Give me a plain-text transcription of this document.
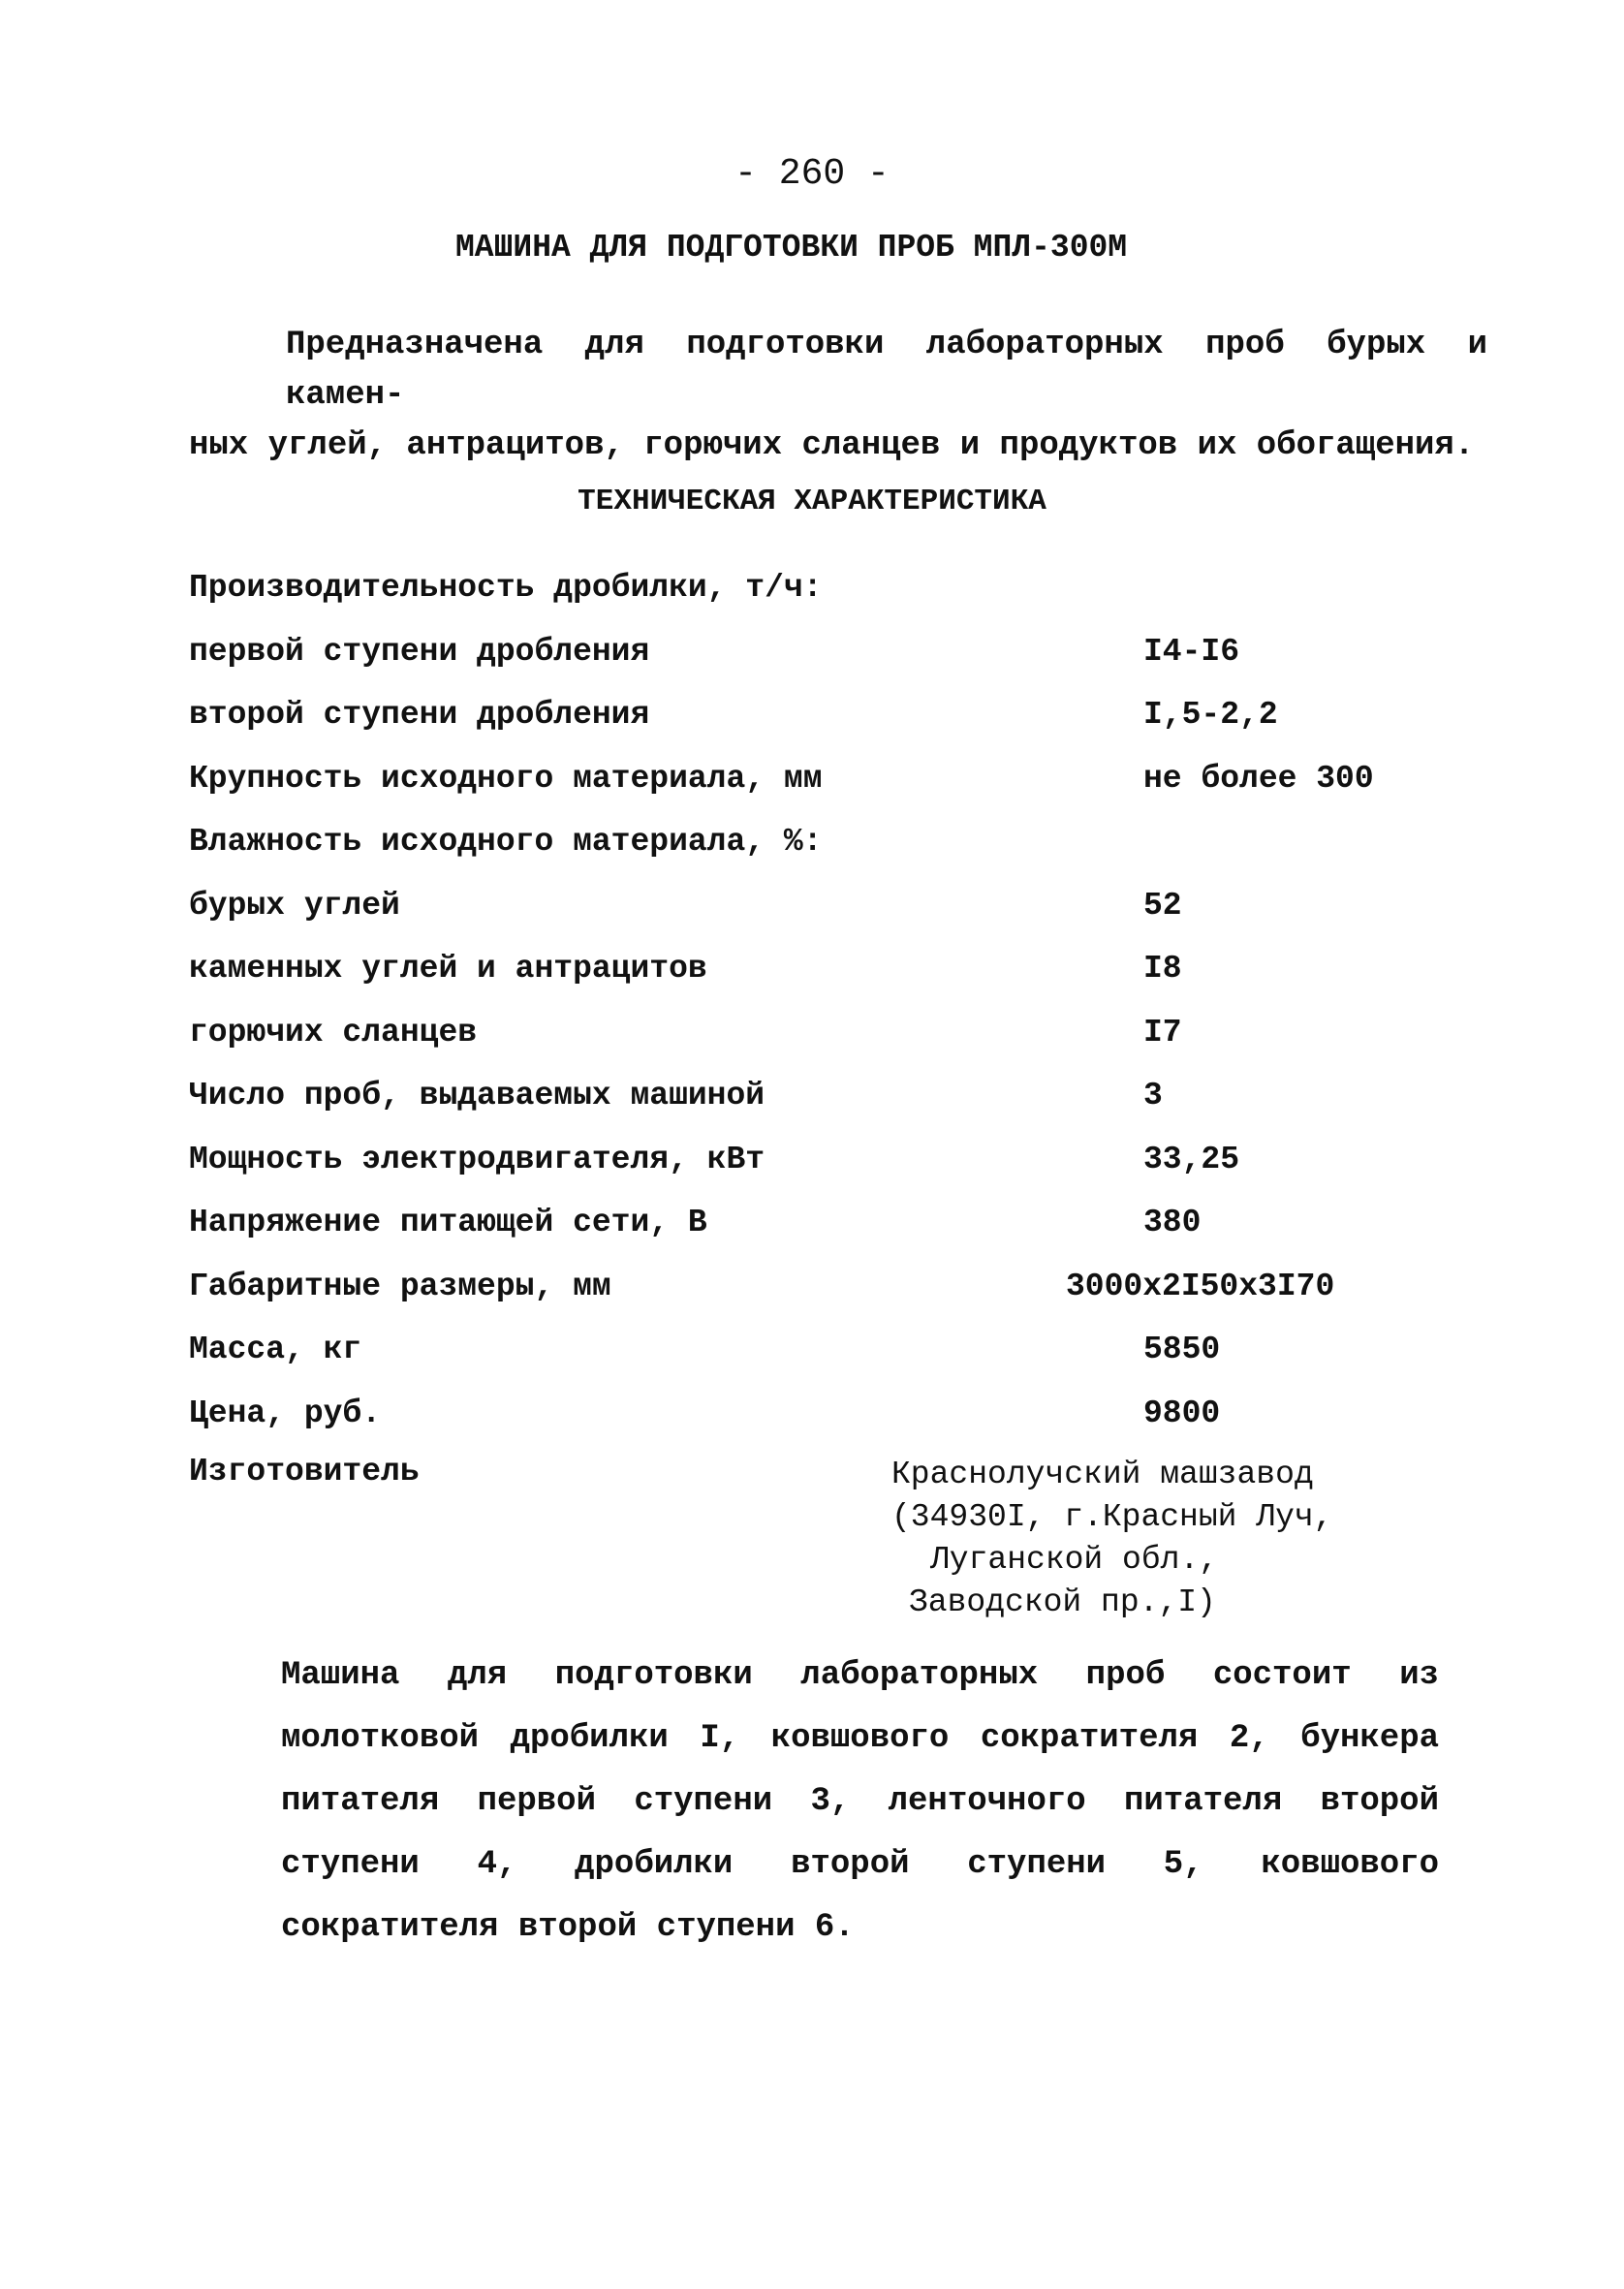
- 260 -
МАШИНА ДЛЯ ПОДГОТОВКИ ПРОБ МПЛ-300М
Предназначена для подготовки лабораторных проб бурых и камен-
ных углей, антрацитов, горючих сланцев и продуктов их обогащения.
ТЕХНИЧЕСКАЯ ХАРАКТЕРИСТИКА
Производительность дробилки, т/ч:
первой ступени дробления	I4-I6
второй ступени дробления	I,5-2,2
Крупность исходного материала, мм	не более 300
Влажность исходного материала, %:
бурых углей	52
каменных углей и антрацитов	I8
горючих сланцев	I7
Число проб, выдаваемых машиной	3
Мощность электродвигателя, кВт	33,25
Напряжение питающей сети, В	380
Габаритные размеры, мм	3000x2I50x3I70
Масса, кг	5850
Цена, руб.	9800
Изготовитель	Краснолучский машзавод
(34930I, г.Красный Луч,
Луганской обл.,
Заводской пр.,I)
Машина для подготовки лабораторных проб состоит из молотковой дробилки I, ковшового сократителя 2, бункера питателя первой ступени 3, ленточного питателя второй ступени 4, дробилки второй ступени 5, ковшового сократителя второй ступени 6.
